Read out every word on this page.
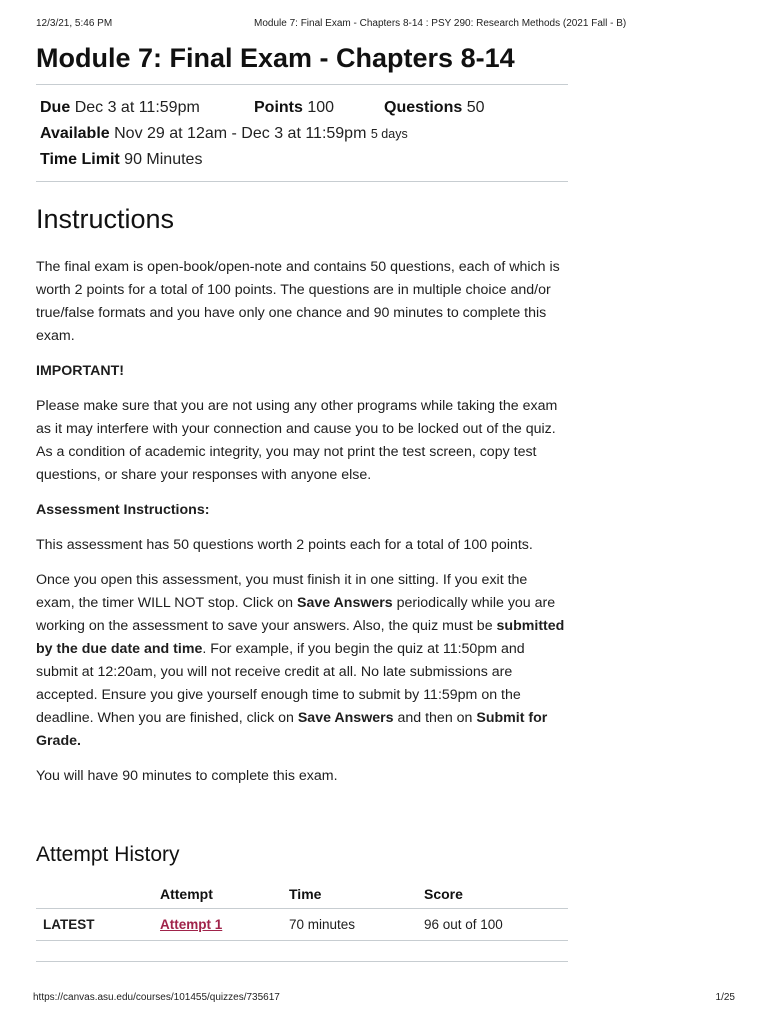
12/3/21, 5:46 PM	Module 7: Final Exam - Chapters 8-14 : PSY 290: Research Methods (2021 Fall - B)
Module 7: Final Exam - Chapters 8-14
Due Dec 3 at 11:59pm	Points 100	Questions 50
Available Nov 29 at 12am - Dec 3 at 11:59pm 5 days
Time Limit 90 Minutes
Instructions

The final exam is open-book/open-note and contains 50 questions, each of which is worth 2 points for a total of 100 points. The questions are in multiple choice and/or true/false formats and you have only one chance and 90 minutes to complete this exam.

IMPORTANT!

Please make sure that you are not using any other programs while taking the exam as it may interfere with your connection and cause you to be locked out of the quiz. As a condition of academic integrity, you may not print the test screen, copy test questions, or share your responses with anyone else.

Assessment Instructions:

This assessment has 50 questions worth 2 points each for a total of 100 points.

Once you open this assessment, you must finish it in one sitting. If you exit the exam, the timer WILL NOT stop. Click on Save Answers periodically while you are working on the assessment to save your answers. Also, the quiz must be submitted by the due date and time. For example, if you begin the quiz at 11:50pm and submit at 12:20am, you will not receive credit at all. No late submissions are accepted. Ensure you give yourself enough time to submit by 11:59pm on the deadline. When you are finished, click on Save Answers and then on Submit for Grade.

You will have 90 minutes to complete this exam.

Attempt History
	Attempt	Time	Score
LATEST	Attempt 1	70 minutes	96 out of 100
https://canvas.asu.edu/courses/101455/quizzes/735617	1/25
